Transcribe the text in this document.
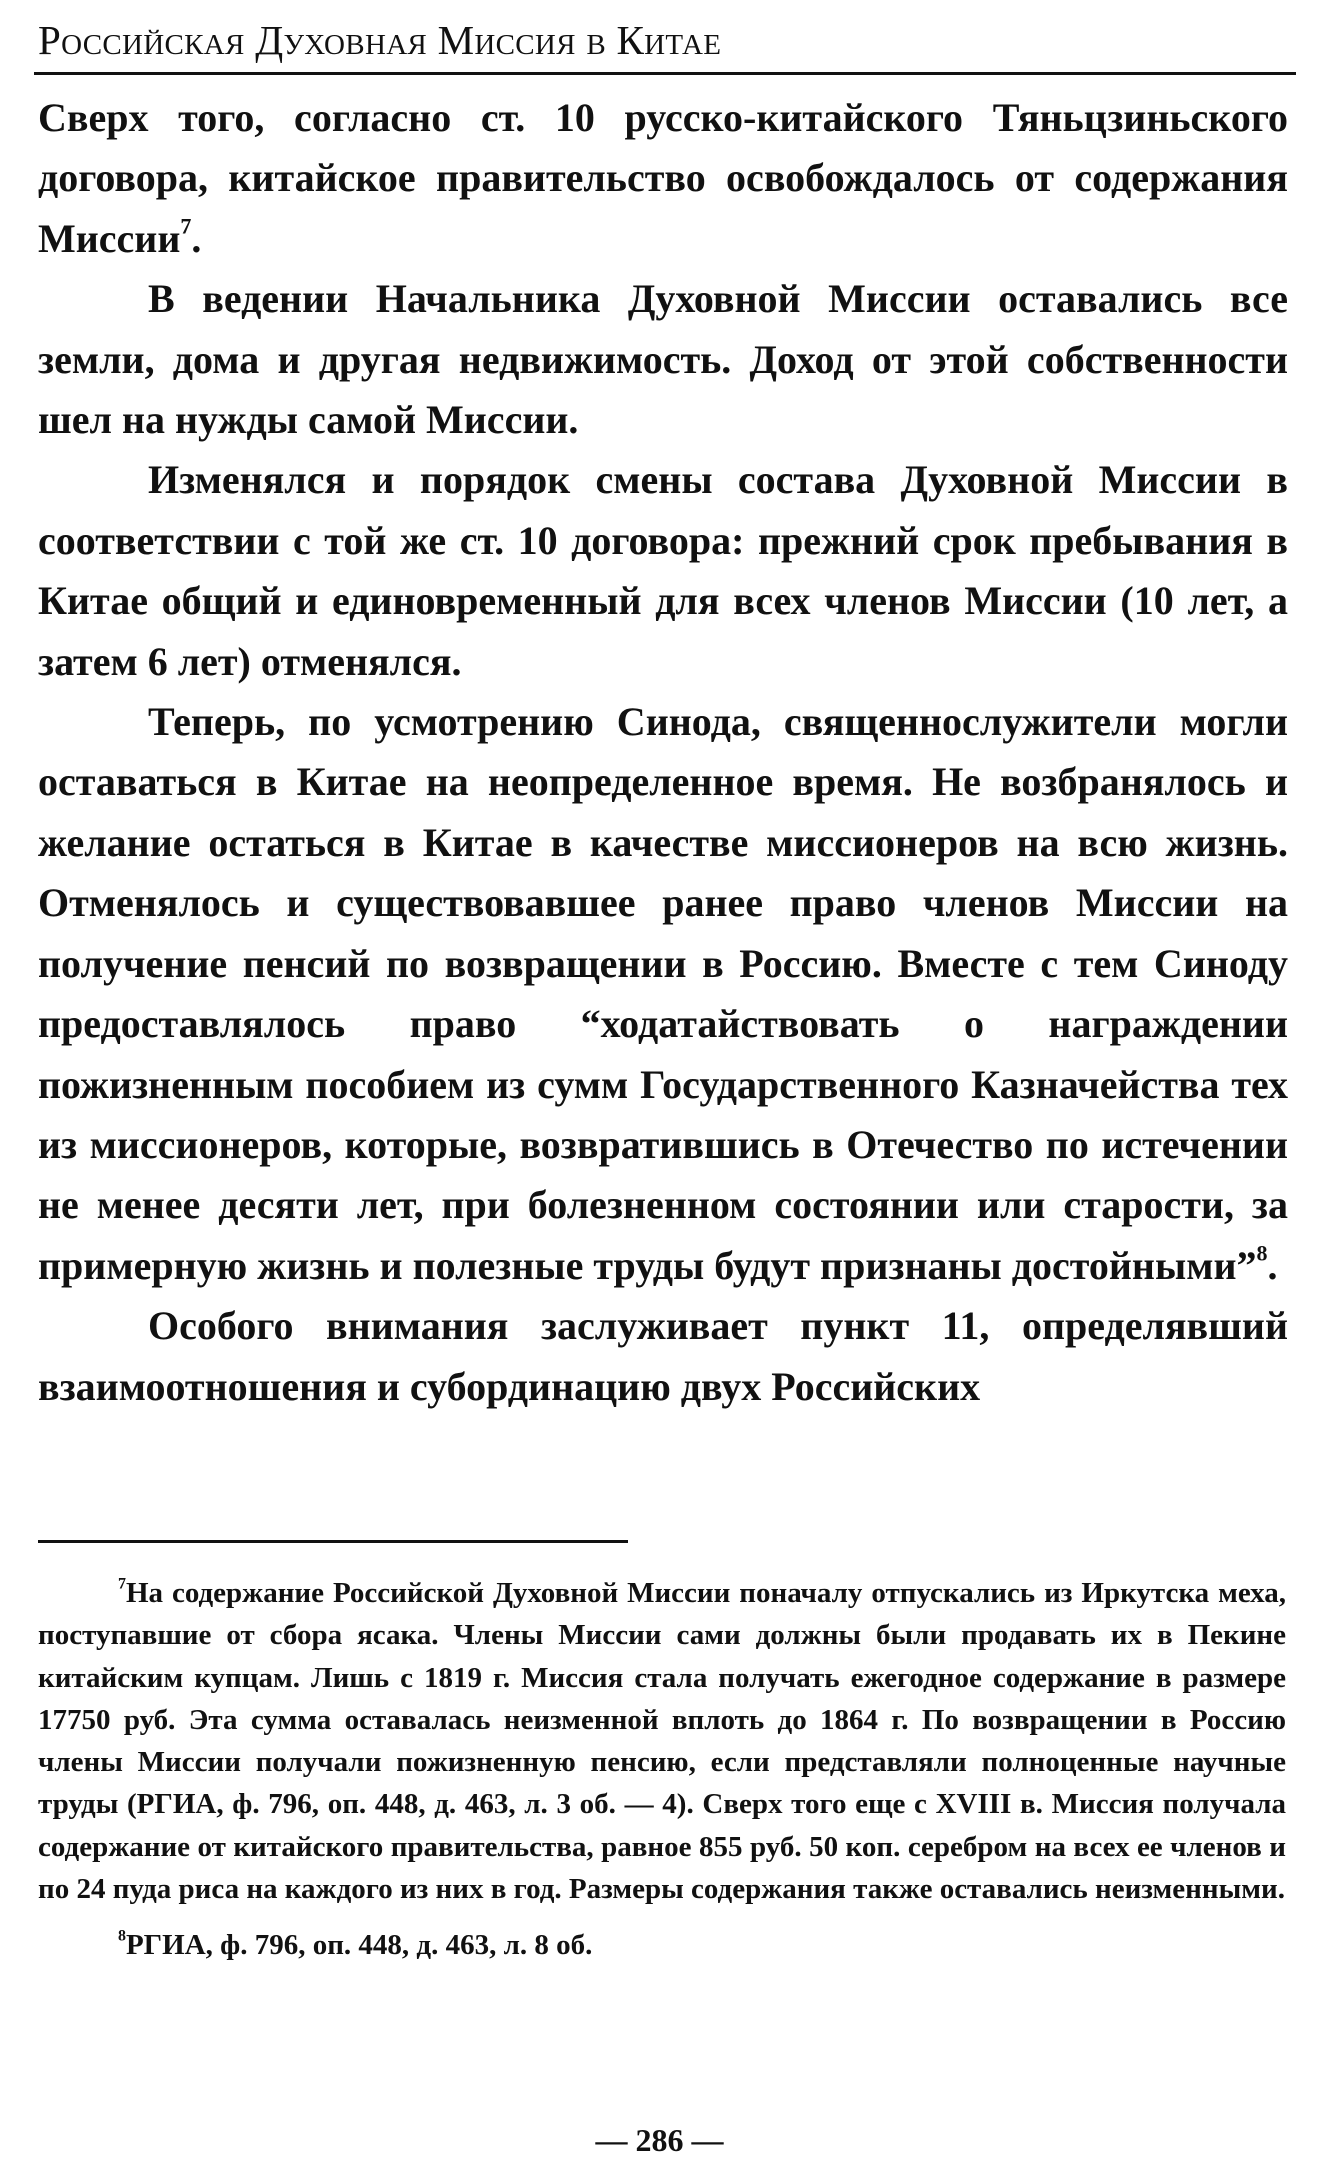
Российская Духовная Миссия в Китае

Сверх того, согласно ст. 10 русско-китайского Тяньцзиньского договора, китайское правительство освобождалось от содержания Миссии$^7$.

В ведении Начальника Духовной Миссии оставались все земли, дома и другая недвижимость. Доход от этой собственности шел на нужды самой Миссии.

Изменялся и порядок смены состава Духовной Миссии в соответствии с той же ст. 10 договора: прежний срок пребывания в Китае общий и единовременный для всех членов Миссии (10 лет, а затем 6 лет) отменялся.

Теперь, по усмотрению Синода, священнослужители могли оставаться в Китае на неопределенное время. Не возбранялось и желание остаться в Китае в качестве миссионеров на всю жизнь. Отменялось и существовавшее ранее право членов Миссии на получение пенсий по возвращении в Россию. Вместе с тем Синоду предоставлялось право “ходатайствовать о награждении пожизненным пособием из сумм Государственного Казначейства тех из миссионеров, которые, возвратившись в Отечество по истечении не менее десяти лет, при болезненном состоянии или старости, за примерную жизнь и полезные труды будут признаны достойными”$^8$.

Особого внимания заслуживает пункт 11, определявший взаимоотношения и субординацию двух Российских

$^7$На содержание Российской Духовной Миссии поначалу отпускались из Иркутска меха, поступавшие от сбора ясака. Члены Миссии сами должны были продавать их в Пекине китайским купцам. Лишь с 1819 г. Миссия стала получать ежегодное содержание в размере 17750 руб. Эта сумма оставалась неизменной вплоть до 1864 г. По возвращении в Россию члены Миссии получали пожизненную пенсию, если представляли полноценные научные труды (РГИА, ф. 796, оп. 448, д. 463, л. 3 об. — 4). Сверх того еще с XVIII в. Миссия получала содержание от китайского правительства, равное 855 руб. 50 коп. серебром на всех ее членов и по 24 пуда риса на каждого из них в год. Размеры содержания также оставались неизменными.

$^8$РГИА, ф. 796, оп. 448, д. 463, л. 8 об.

— 286 —
